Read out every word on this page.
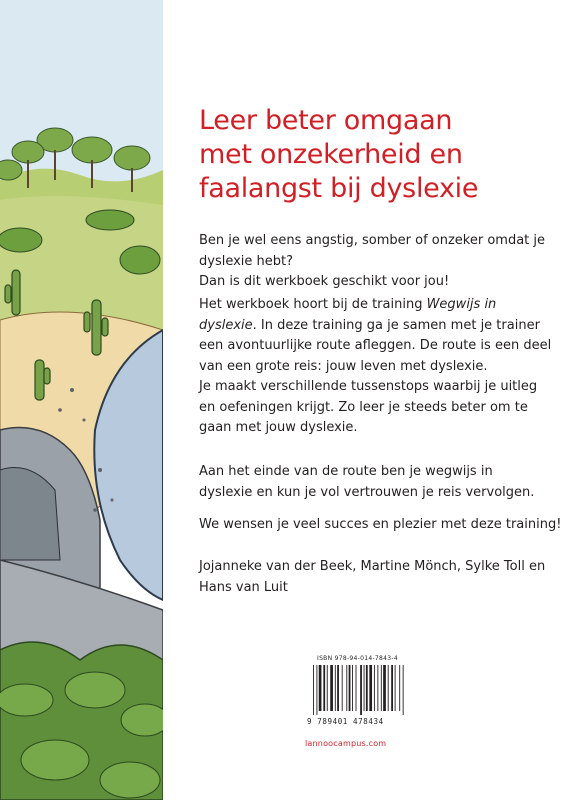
Leer beter omgaan
met onzekerheid en
faalangst bij dyslexie

Ben je wel eens angstig, somber of onzeker omdat je
dyslexie hebt?
Dan is dit werkboek geschikt voor jou!

Het werkboek hoort bij de training Wegwijs in
dyslexie. In deze training ga je samen met je trainer
een avontuurlijke route afleggen. De route is een deel
van een grote reis: jouw leven met dyslexie.
Je maakt verschillende tussenstops waarbij je uitleg
en oefeningen krijgt. Zo leer je steeds beter om te
gaan met jouw dyslexie.

Aan het einde van de route ben je wegwijs in
dyslexie en kun je vol vertrouwen je reis vervolgen.

We wensen je veel succes en plezier met deze training!

Jojanneke van der Beek, Martine Mönch, Sylke Toll en
Hans van Luit

ISBN 978-94-014-7843-4
9 789401 478434
lannoocampus.com
